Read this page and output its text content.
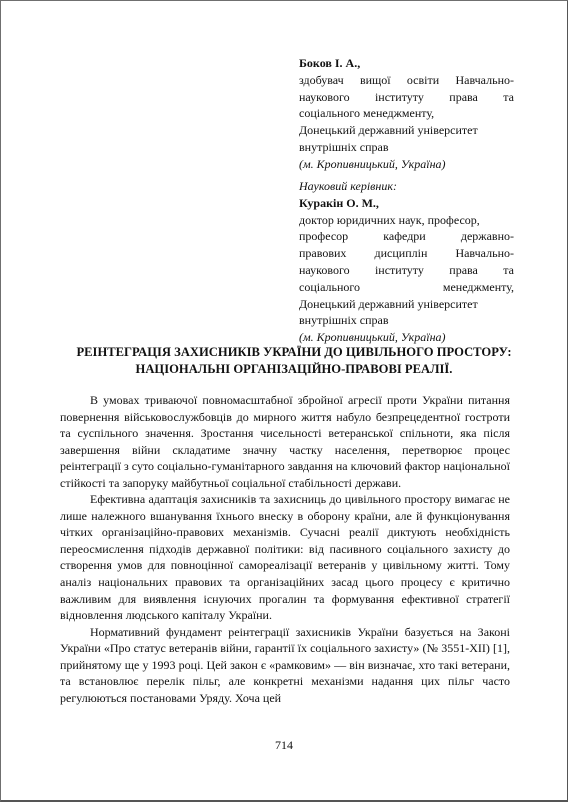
Боков І. А.,
здобувач вищої освіти Навчально-
наукового інституту права та
соціального менеджменту,
Донецький державний університет
внутрішніх справ
(м. Кропивницький, Україна)
Науковий керівник:
Куракін О. М.,
доктор юридичних наук, професор,
професор кафедри державно-
правових дисциплін Навчально-
наукового інституту права та
соціального менеджменту,
Донецький державний університет
внутрішніх справ
(м. Кропивницький, Україна)
РЕІНТЕГРАЦІЯ ЗАХИСНИКІВ УКРАЇНИ ДО ЦИВІЛЬНОГО ПРОСТОРУ: НАЦІОНАЛЬНІ ОРГАНІЗАЦІЙНО-ПРАВОВІ РЕАЛІЇ.

В умовах триваючої повномасштабної збройної агресії проти України питання повернення військовослужбовців до мирного життя набуло безпрецедентної гостроти та суспільного значення. Зростання чисельності ветеранської спільноти, яка після завершення війни складатиме значну частку населення, перетворює процес реінтеграції з суто соціально-гуманітарного завдання на ключовий фактор національної стійкості та запоруку майбутньої соціальної стабільності держави.

Ефективна адаптація захисників та захисниць до цивільного простору вимагає не лише належного вшанування їхнього внеску в оборону країни, але й функціонування чітких організаційно-правових механізмів. Сучасні реалії диктують необхідність переосмислення підходів державної політики: від пасивного соціального захисту до створення умов для повноцінної самореалізації ветеранів у цивільному житті. Тому аналіз національних правових та організаційних засад цього процесу є критично важливим для виявлення існуючих прогалин та формування ефективної стратегії відновлення людського капіталу України.

Нормативний фундамент реінтеграції захисників України базується на Законі України «Про статус ветеранів війни, гарантії їх соціального захисту» (№ 3551-XII) [1], прийнятому ще у 1993 році. Цей закон є «рамковим» — він визначає, хто такі ветерани, та встановлює перелік пільг, але конкретні механізми надання цих пільг часто регулюються постановами Уряду. Хоча цей

714
